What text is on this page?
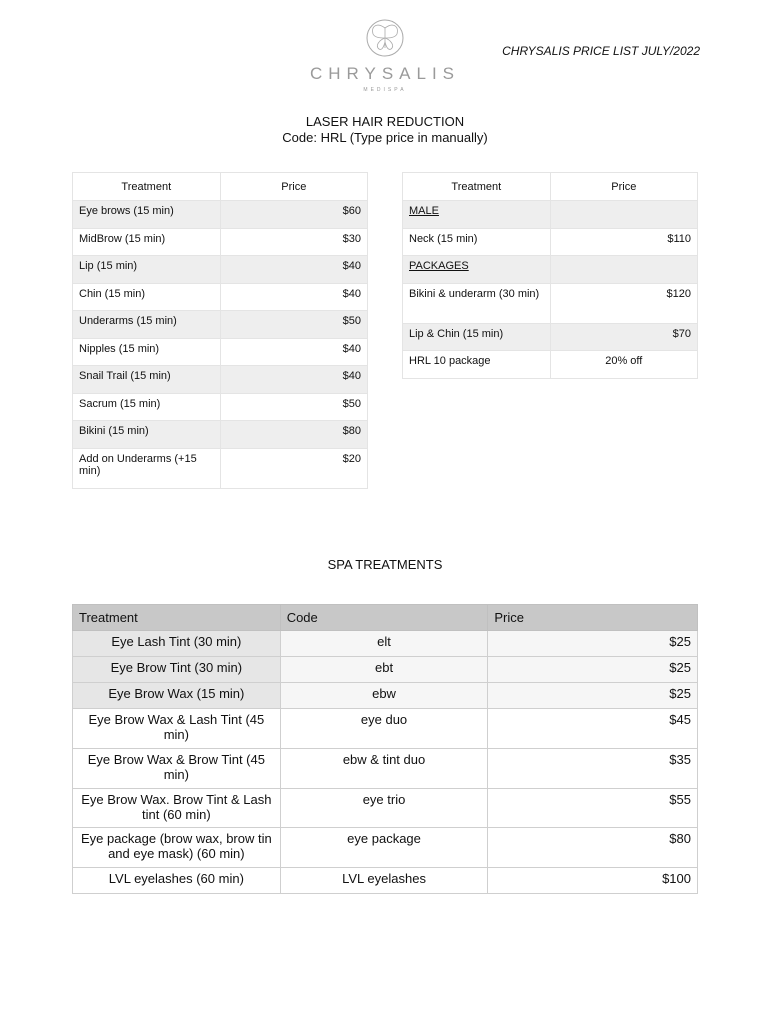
CHRYSALIS
MEDISPA
CHRYSALIS PRICE LIST JULY/2022
LASER HAIR REDUCTION
Code: HRL (Type price in manually)
Treatment	Price
Eye brows (15 min)	$60
MidBrow (15 min)	$30
Lip (15 min)	$40
Chin (15 min)	$40
Underarms (15 min)	$50
Nipples (15 min)	$40
Snail Trail (15 min)	$40
Sacrum (15 min)	$50
Bikini (15 min)	$80
Add on Underarms (+15 min)	$20
Treatment	Price
MALE	
Neck (15 min)	$110
PACKAGES	
Bikini & underarm (30 min)	$120
Lip & Chin (15 min)	$70
HRL 10 package	20% off
SPA TREATMENTS
Treatment	Code	Price
Eye Lash Tint (30 min)	elt	$25
Eye Brow Tint (30 min)	ebt	$25
Eye Brow Wax (15 min)	ebw	$25
Eye Brow Wax & Lash Tint (45 min)	eye duo	$45
Eye Brow Wax & Brow Tint (45 min)	ebw & tint duo	$35
Eye Brow Wax. Brow Tint & Lash tint (60 min)	eye trio	$55
Eye package (brow wax, brow tin and eye mask) (60 min)	eye package	$80
LVL eyelashes (60 min)	LVL eyelashes	$100
